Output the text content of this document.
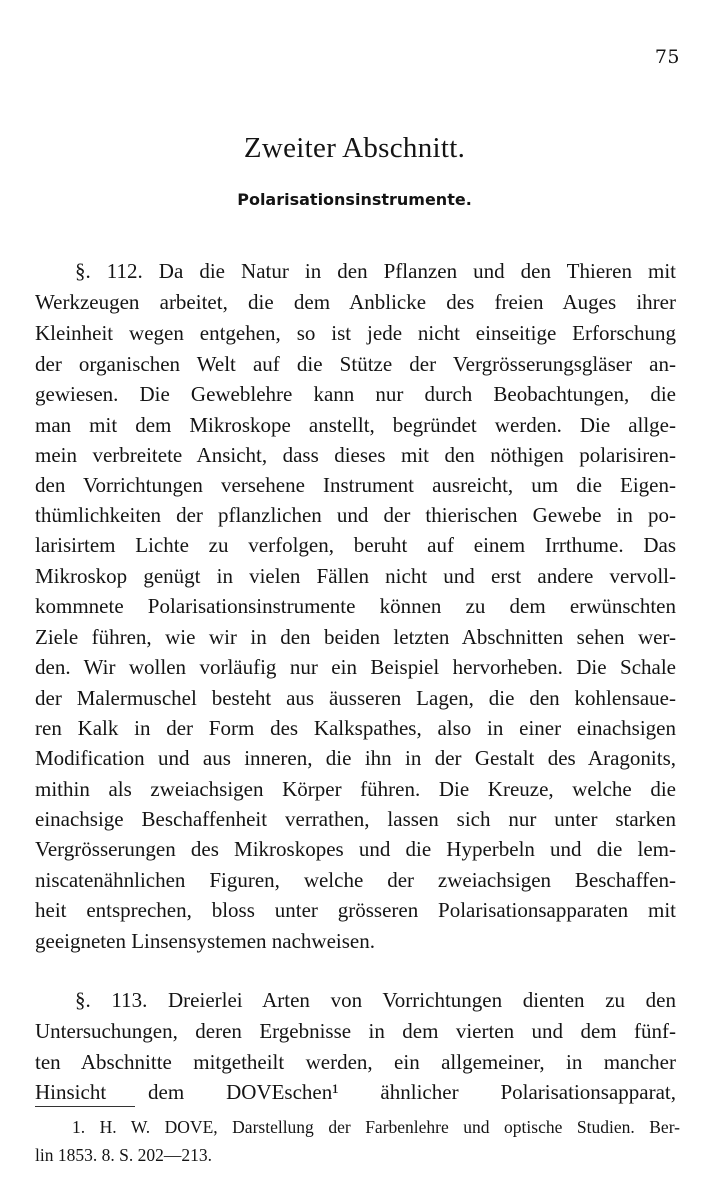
75
Zweiter Abschnitt.
Polarisationsinstrumente.
§. 112. Da die Natur in den Pflanzen und den Thieren mit
Werkzeugen arbeitet, die dem Anblicke des freien Auges ihrer
Kleinheit wegen entgehen, so ist jede nicht einseitige Erforschung
der organischen Welt auf die Stütze der Vergrösserungsgläser an-
gewiesen. Die Geweblehre kann nur durch Beobachtungen, die
man mit dem Mikroskope anstellt, begründet werden. Die allge-
mein verbreitete Ansicht, dass dieses mit den nöthigen polarisiren-
den Vorrichtungen versehene Instrument ausreicht, um die Eigen-
thümlichkeiten der pflanzlichen und der thierischen Gewebe in po-
larisirtem Lichte zu verfolgen, beruht auf einem Irrthume. Das
Mikroskop genügt in vielen Fällen nicht und erst andere vervoll-
kommnete Polarisationsinstrumente können zu dem erwünschten
Ziele führen, wie wir in den beiden letzten Abschnitten sehen wer-
den. Wir wollen vorläufig nur ein Beispiel hervorheben. Die Schale
der Malermuschel besteht aus äusseren Lagen, die den kohlensaue-
ren Kalk in der Form des Kalkspathes, also in einer einachsigen
Modification und aus inneren, die ihn in der Gestalt des Aragonits,
mithin als zweiachsigen Körper führen. Die Kreuze, welche die
einachsige Beschaffenheit verrathen, lassen sich nur unter starken
Vergrösserungen des Mikroskopes und die Hyperbeln und die lem-
niscatenähnlichen Figuren, welche der zweiachsigen Beschaffen-
heit entsprechen, bloss unter grösseren Polarisationsapparaten mit
geeigneten Linsensystemen nachweisen.
§. 113. Dreierlei Arten von Vorrichtungen dienten zu den
Untersuchungen, deren Ergebnisse in dem vierten und dem fünf-
ten Abschnitte mitgetheilt werden, ein allgemeiner, in mancher
Hinsicht dem DOVEschen¹ ähnlicher Polarisationsapparat,
1. H. W. DOVE, Darstellung der Farbenlehre und optische Studien. Ber-
lin 1853. 8. S. 202—213.
